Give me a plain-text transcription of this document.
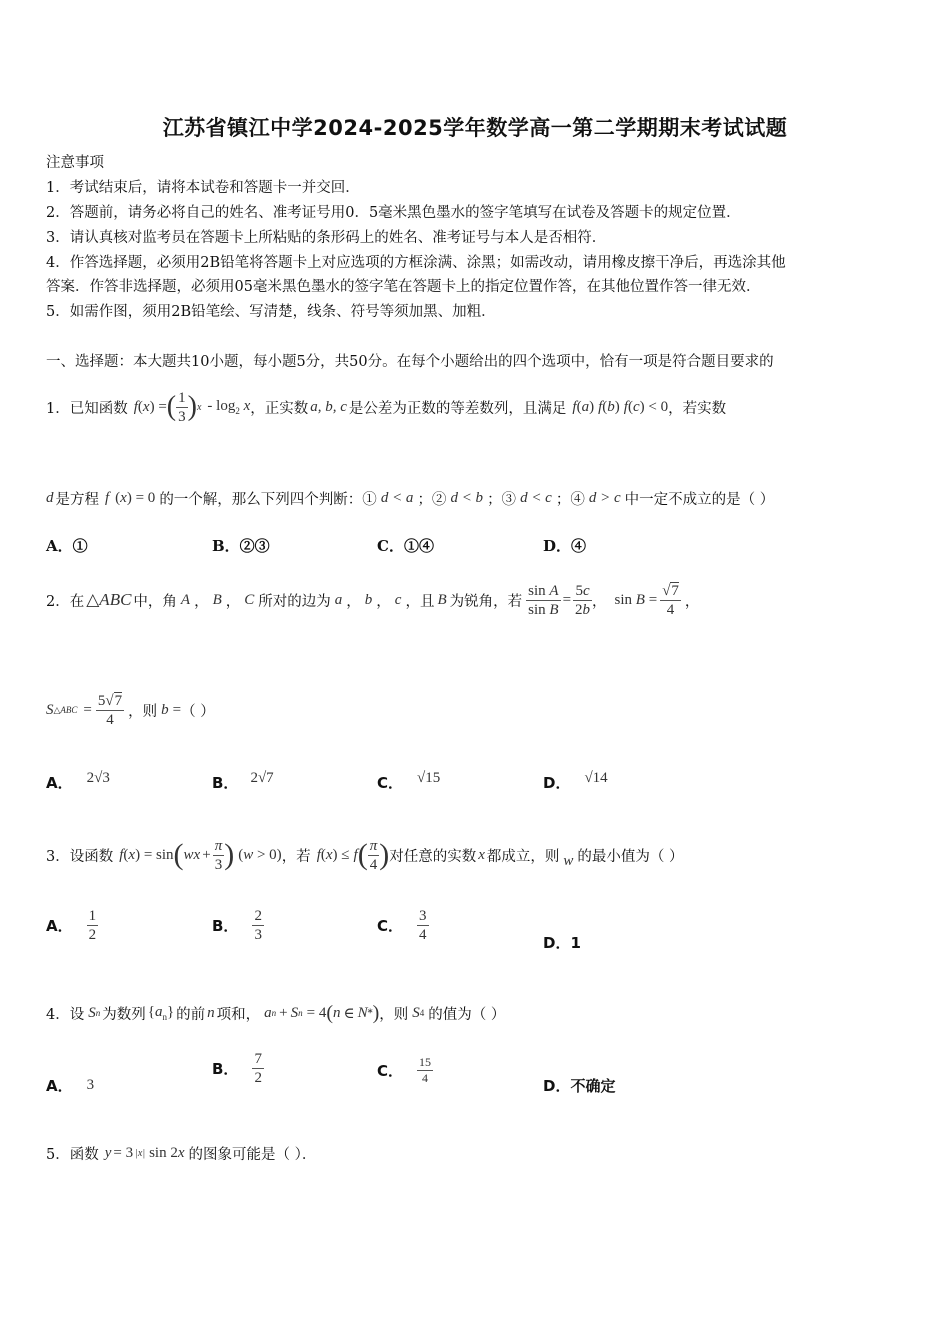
江苏省镇江中学2024-2025学年数学高一第二学期期末考试试题
注意事项
1．考试结束后，请将本试卷和答题卡一并交回．
2．答题前，请务必将自己的姓名、准考证号用0．5毫米黑色墨水的签字笔填写在试卷及答题卡的规定位置．
3．请认真核对监考员在答题卡上所粘贴的条形码上的姓名、准考证号与本人是否相符．
4．作答选择题，必须用2B铅笔将答题卡上对应选项的方框涂满、涂黑；如需改动，请用橡皮擦干净后，再选涂其他
答案．作答非选择题，必须用05毫米黑色墨水的签字笔在答题卡上的指定位置作答，在其他位置作答一律无效．
5．如需作图，须用2B铅笔绘、写清楚，线条、符号等须加黑、加粗．
一、选择题：本大题共10小题，每小题5分，共50分。在每个小题给出的四个选项中，恰有一项是符合题目要求的
1．已知函数 f ( x ) = ( $\frac{1}{3}$ ) x - $\log_2 x$ ，正实数 a, b, c 是公差为正数的等差数列，且满足 f ( a ) f ( b ) f ( c ) < 0 ，若实数
d 是方程 f ( x ) = 0 的一个解，那么下列四个判断：① d < a ；② d < b ；③ d < c ；④ d > c 中一定不成立的是（ ）
A．①	B．②③	C．①④	D．④
2．在 △ABC 中，角 A ， B ， C 所对的边为 a ， b ， c ，且 B 为锐角，若 $\frac{\text{sin A}}{\text{sin B}} = \frac{5c}{2b}$ ， $\sin B = \frac{√7}{4}$ ，
S △ABC = $\frac{5√7}{4}$ ，则 b = （ ）
A． 2√3	B． 2√7	C． √15	D． √14
3．设函数 f ( x ) = sin ( wx + $\frac{\pi}{3}$ ) (w > 0) ，若 f ( x ) ≤ f ( $\frac{\pi}{4}$ ) 对任意的实数 x 都成立，则 w 的最小值为（ ）
A． $\frac{1}{2}$	B． $\frac{2}{3}$	C． $\frac{3}{4}$	D．1
4．设 S n 为数列 $\{a_n\}$ 的前 n 项和， a n + S n = 4 ( n ∈ N * ) ，则 S 4 的值为（ ）
A． 3
B． $\frac{7}{2}$	C． $\frac{15}{4}$	D．不确定
5．函数 y = 3 |x| sin 2x 的图象可能是（ ）．
